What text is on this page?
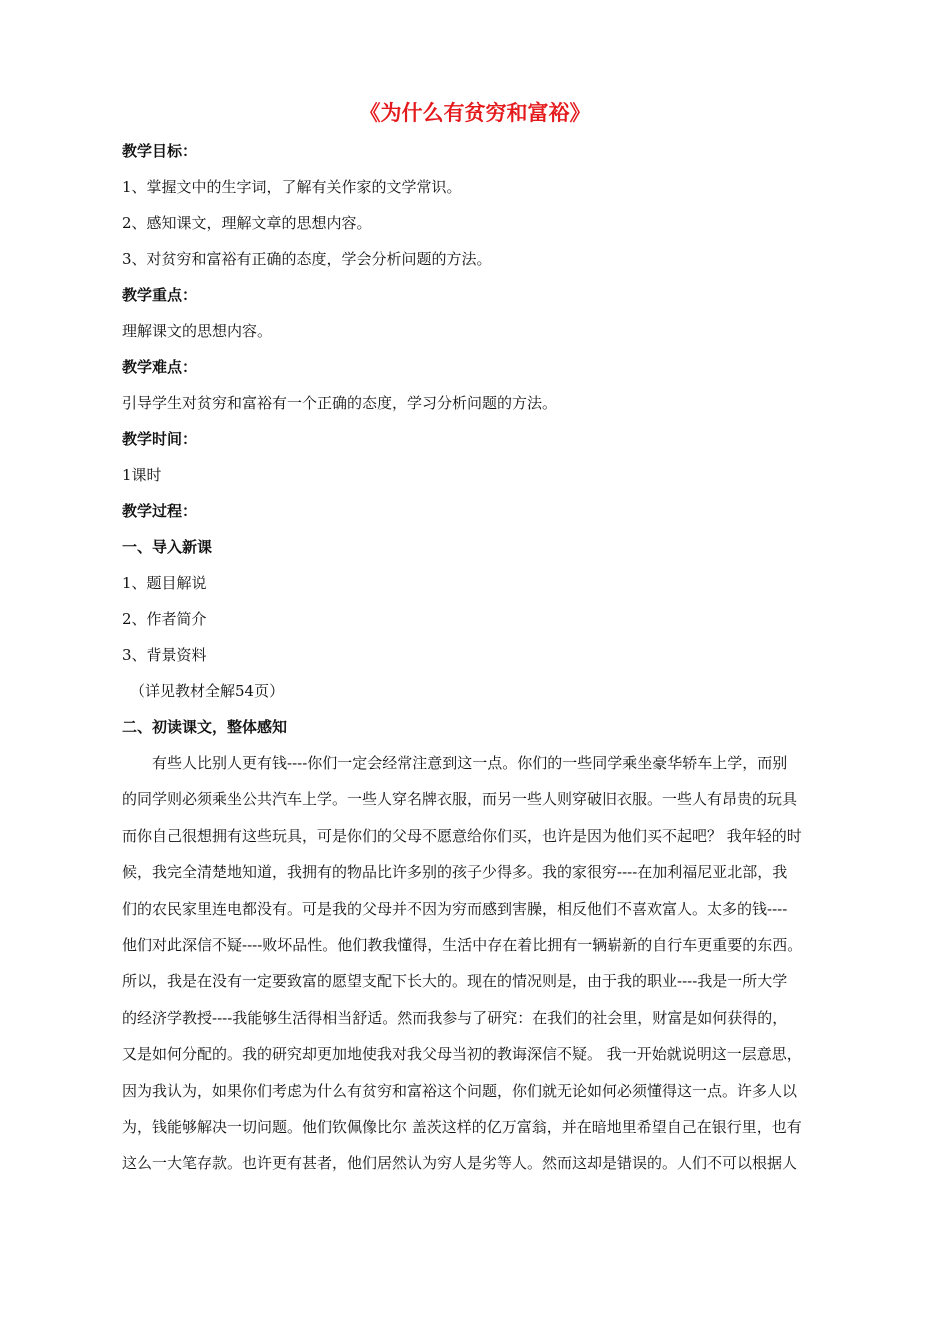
《为什么有贫穷和富裕》
教学目标：
1、掌握文中的生字词，了解有关作家的文学常识。
2、感知课文，理解文章的思想内容。
3、对贫穷和富裕有正确的态度，学会分析问题的方法。
教学重点：
理解课文的思想内容。
教学难点：
引导学生对贫穷和富裕有一个正确的态度，学习分析问题的方法。
教学时间：
1课时
教学过程：
一、导入新课
1、题目解说
2、作者简介
3、背景资料
（详见教材全解54页）
二、初读课文，整体感知
有些人比别人更有钱----你们一定会经常注意到这一点。你们的一些同学乘坐豪华轿车上学，而别
的同学则必须乘坐公共汽车上学。一些人穿名牌衣服，而另一些人则穿破旧衣服。一些人有昂贵的玩具
而你自己很想拥有这些玩具，可是你们的父母不愿意给你们买，也许是因为他们买不起吧？ 我年轻的时
候，我完全清楚地知道，我拥有的物品比许多别的孩子少得多。我的家很穷----在加利福尼亚北部，我
们的农民家里连电都没有。可是我的父母并不因为穷而感到害臊，相反他们不喜欢富人。太多的钱----
他们对此深信不疑----败坏品性。他们教我懂得，生活中存在着比拥有一辆崭新的自行车更重要的东西。
所以，我是在没有一定要致富的愿望支配下长大的。现在的情况则是，由于我的职业----我是一所大学
的经济学教授----我能够生活得相当舒适。然而我参与了研究：在我们的社会里，财富是如何获得的，
又是如何分配的。我的研究却更加地使我对我父母当初的教诲深信不疑。 我一开始就说明这一层意思，
因为我认为，如果你们考虑为什么有贫穷和富裕这个问题，你们就无论如何必须懂得这一点。许多人以
为，钱能够解决一切问题。他们钦佩像比尔 盖茨这样的亿万富翁，并在暗地里希望自己在银行里，也有
这么一大笔存款。也许更有甚者，他们居然认为穷人是劣等人。然而这却是错误的。人们不可以根据人
